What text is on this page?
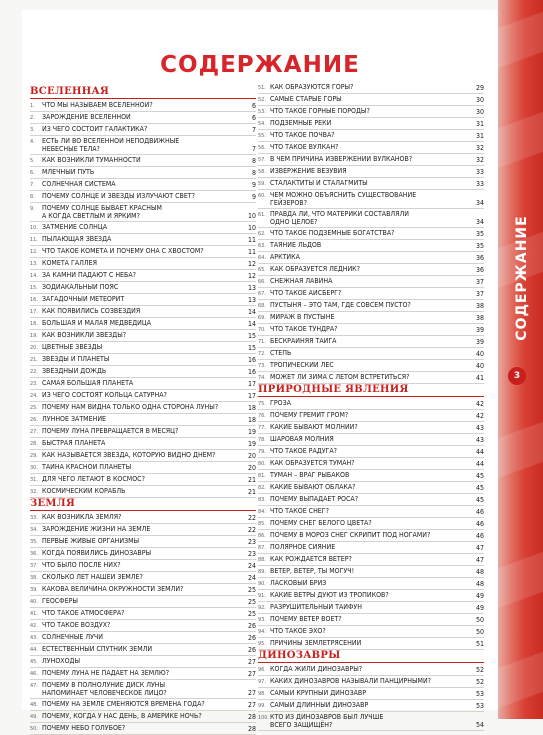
СОДЕРЖАНИЕ
ВСЕЛЕННАЯ
1.	ЧТО МЫ НАЗЫВАЕМ ВСЕЛЕННОЙ?	6
2.	ЗАРОЖДЕНИЕ ВСЕЛЕННОЙ	6
3.	ИЗ ЧЕГО СОСТОИТ ГАЛАКТИКА?	7
4.	ЕСТЬ ЛИ ВО ВСЕЛЕННОЙ НЕПОДВИЖНЫЕ
НЕБЕСНЫЕ ТЕЛА?	7
5.	КАК ВОЗНИКЛИ ТУМАННОСТИ	8
6.	МЛЕЧНЫЙ ПУТЬ	8
7.	СОЛНЕЧНАЯ СИСТЕМА	9
8.	ПОЧЕМУ СОЛНЦЕ И ЗВЕЗДЫ ИЗЛУЧАЮТ СВЕТ?	9
9.	ПОЧЕМУ СОЛНЦЕ БЫВАЕТ КРАСНЫМ
А КОГДА СВЕТЛЫМ И ЯРКИМ?	10
10. ЗАТМЕНИЕ СОЛНЦА	10
11. ПЫЛАЮЩАЯ ЗВЕЗДА	11
12. ЧТО ТАКОЕ КОМЕТА И ПОЧЕМУ ОНА С ХВОСТОМ?	11
13. КОМЕТА ГАЛЛЕЯ	12
14. ЗА КАМНИ ПАДАЮТ С НЕБА?	12
15. ЗОДИАКАЛЬНЫЙ ПОЯС	13
16. ЗАГАДОЧНЫЙ МЕТЕОРИТ	13
17. КАК ПОЯВИЛИСЬ СОЗВЕЗДИЯ	14
18. БОЛЬШАЯ И МАЛАЯ МЕДВЕДИЦА	14
19. КАК ВОЗНИКЛИ ЗВЁЗДЫ?	15
20. ЦВЕТНЫЕ ЗВЁЗДЫ	15
21. ЗВЁЗДЫ И ПЛАНЕТЫ	16
22. ЗВЁЗДНЫЙ ДОЖДЬ	16
23. САМАЯ БОЛЬШАЯ ПЛАНЕТА	17
24. ИЗ ЧЕГО СОСТОЯТ КОЛЬЦА САТУРНА?	17
25. ПОЧЕМУ НАМ ВИДНА ТОЛЬКО ОДНА СТОРОНА ЛУНЫ?	18
26. ЛУННОЕ ЗАТМЕНИЕ	18
27. ПОЧЕМУ ЛУНА ПРЕВРАЩАЕТСЯ В МЕСЯЦ?	19
28. БЫСТРАЯ ПЛАНЕТА	19
29. КАК НАЗЫВАЕТСЯ ЗВЕЗДА, КОТОРУЮ ВИДНО ДНЁМ?	20
30. ТАЙНА КРАСНОЙ ПЛАНЕТЫ	20
31. ДЛЯ ЧЕГО ЛЕТАЮТ В КОСМОС?	21
32. КОСМИЧЕСКИЙ КОРАБЛЬ	21
ЗЕМЛЯ
33. КАК ВОЗНИКЛА ЗЕМЛЯ?	22
34. ЗАРОЖДЕНИЕ ЖИЗНИ НА ЗЕМЛЕ	22
35. ПЕРВЫЕ ЖИВЫЕ ОРГАНИЗМЫ	23
36. КОГДА ПОЯВИЛИСЬ ДИНОЗАВРЫ	23
37. ЧТО БЫЛО ПОСЛЕ НИХ?	24
38. СКОЛЬКО ЛЕТ НАШЕЙ ЗЕМЛЕ?	24
39. КАКОВА ВЕЛИЧИНА ОКРУЖНОСТИ ЗЕМЛИ?	25
40. ГЕОСФЕРЫ	25
41. ЧТО ТАКОЕ АТМОСФЕРА?	25
42. ЧТО ТАКОЕ ВОЗДУХ?	26
43. СОЛНЕЧНЫЕ ЛУЧИ	26
44. ЕСТЕСТВЕННЫЙ СПУТНИК ЗЕМЛИ	26
45. ЛУНОХОДЫ	27
46. ПОЧЕМУ ЛУНА НЕ ПАДАЕТ НА ЗЕМЛЮ?	27
47. ПОЧЕМУ В ПОЛНОЛУНИЕ ДИСК ЛУНЫ
НАПОМИНАЕТ ЧЕЛОВЕЧЕСКОЕ ЛИЦО?	27
48. ПОЧЕМУ НА ЗЕМЛЕ СМЕНЯЮТСЯ ВРЕМЕНА ГОДА?	27
49. ПОЧЕМУ, КОГДА У НАС ДЕНЬ, В АМЕРИКЕ НОЧЬ?	28
50. ПОЧЕМУ НЕБО ГОЛУБОЕ?	28
51. КАК ОБРАЗУЮТСЯ ГОРЫ?	29
52. САМЫЕ СТАРЫЕ ГОРЫ	30
53. ЧТО ТАКОЕ ГОРНЫЕ ПОРОДЫ?	30
54. ПОДЗЕМНЫЕ РЕКИ	31
55. ЧТО ТАКОЕ ПОЧВА?	31
56. ЧТО ТАКОЕ ВУЛКАН?	32
57. В ЧЁМ ПРИЧИНА ИЗВЕРЖЕНИЙ ВУЛКАНОВ?	32
58. ИЗВЕРЖЕНИЕ ВЕЗУВИЯ	33
59. СТАЛАКТИТЫ И СТАЛАГМИТЫ	33
60. ЧЕМ МОЖНО ОБЪЯСНИТЬ СУЩЕСТВОВАНИЕ
ГЕЙЗЕРОВ?	34
61. ПРАВДА ЛИ, ЧТО МАТЕРИКИ СОСТАВЛЯЛИ
ОДНО ЦЕЛОЕ?	34
62. ЧТО ТАКОЕ ПОДЗЕМНЫЕ БОГАТСТВА?	35
63. ТАЯНИЕ ЛЬДОВ	35
64. АРКТИКА	36
65. КАК ОБРАЗУЕТСЯ ЛЕДНИК?	36
66. СНЕЖНАЯ ЛАВИНА	37
67. ЧТО ТАКОЕ АЙСБЕРГ?	37
68. ПУСТЫНЯ – ЭТО ТАМ, ГДЕ СОВСЕМ ПУСТО?	38
69. МИРАЖ В ПУСТЫНЕ	38
70. ЧТО ТАКОЕ ТУНДРА?	39
71. БЕСКРАЙНЯЯ ТАЙГА	39
72. СТЕПЬ	40
73. ТРОПИЧЕСКИЙ ЛЕС	40
74. МОЖЕТ ЛИ ЗИМА С ЛЕТОМ ВСТРЕТИТЬСЯ?	41
ПРИРОДНЫЕ ЯВЛЕНИЯ
75. ГРОЗА	42
76. ПОЧЕМУ ГРЕМИТ ГРОМ?	42
77. КАКИЕ БЫВАЮТ МОЛНИИ?	43
78. ШАРОВАЯ МОЛНИЯ	43
79. ЧТО ТАКОЕ РАДУГА?	44
80. КАК ОБРАЗУЕТСЯ ТУМАН?	44
81. ТУМАН – ВРАГ РЫБАКОВ	45
82. КАКИЕ БЫВАЮТ ОБЛАКА?	45
83. ПОЧЕМУ ВЫПАДАЕТ РОСА?	45
84. ЧТО ТАКОЕ СНЕГ?	46
85. ПОЧЕМУ СНЕГ БЕЛОГО ЦВЕТА?	46
86. ПОЧЕМУ В МОРОЗ СНЕГ СКРИПИТ ПОД НОГАМИ?	46
87. ПОЛЯРНОЕ СИЯНИЕ	47
88. КАК РОЖДАЕТСЯ ВЕТЕР?	47
89. ВЕТЕР, ВЕТЕР, ТЫ МОГУЧ!	48
90. ЛАСКОВЫЙ БРИЗ	48
91. КАКИЕ ВЕТРЫ ДУЮТ ИЗ ТРОПИКОВ?	49
92. РАЗРУШИТЕЛЬНЫЙ ТАЙФУН	49
93. ПОЧЕМУ ВЕТЕР ВОЕТ?	50
94. ЧТО ТАКОЕ ЭХО?	50
95. ПРИЧИНЫ ЗЕМЛЕТРЯСЕНИЙ	51
ДИНОЗАВРЫ
96. КОГДА ЖИЛИ ДИНОЗАВРЫ?	52
97. КАКИХ ДИНОЗАВРОВ НАЗЫВАЛИ ПАНЦИРНЫМИ?	52
98. САМЫЙ КРУПНЫЙ ДИНОЗАВР	53
99. САМЫЙ ДЛИННЫЙ ДИНОЗАВР	53
100. КТО ИЗ ДИНОЗАВРОВ БЫЛ ЛУЧШЕ
ВСЕГО ЗАЩИЩЁН?	54
СОДЕРЖАНИЕ
3
